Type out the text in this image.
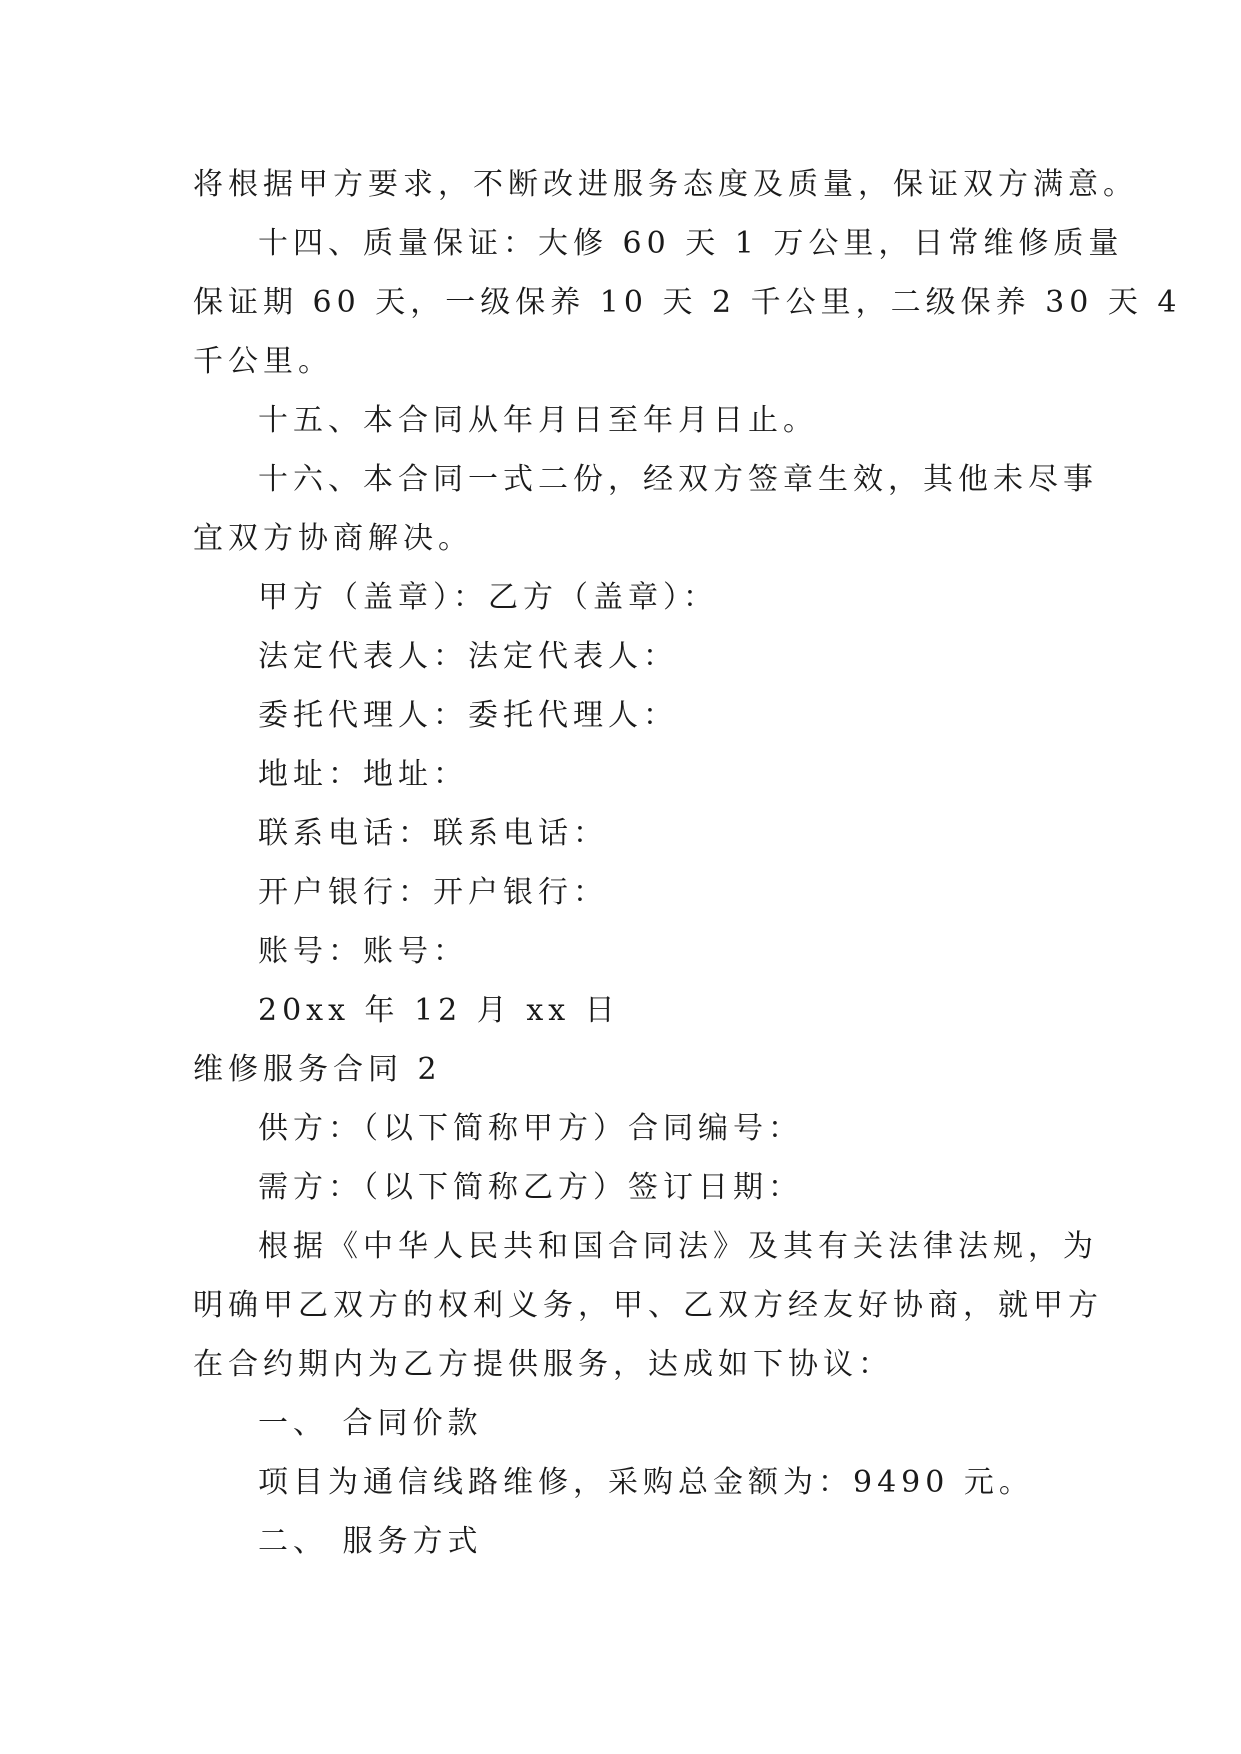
将根据甲方要求，不断改进服务态度及质量，保证双方满意。
十四、质量保证：大修 60 天 1 万公里，日常维修质量
保证期 60 天，一级保养 10 天 2 千公里，二级保养 30 天 4
千公里。
十五、本合同从年月日至年月日止。
十六、本合同一式二份，经双方签章生效，其他未尽事
宜双方协商解决。
甲方（盖章）：乙方（盖章）：
法定代表人：法定代表人：
委托代理人：委托代理人：
地址：地址：
联系电话：联系电话：
开户银行：开户银行：
账号：账号：
20xx 年 12 月 xx 日
维修服务合同 2
供方：（以下简称甲方）合同编号：
需方：（以下简称乙方）签订日期：
根据《中华人民共和国合同法》及其有关法律法规，为
明确甲乙双方的权利义务，甲、乙双方经友好协商，就甲方
在合约期内为乙方提供服务，达成如下协议：
一、 合同价款
项目为通信线路维修，采购总金额为：9490 元。
二、 服务方式
